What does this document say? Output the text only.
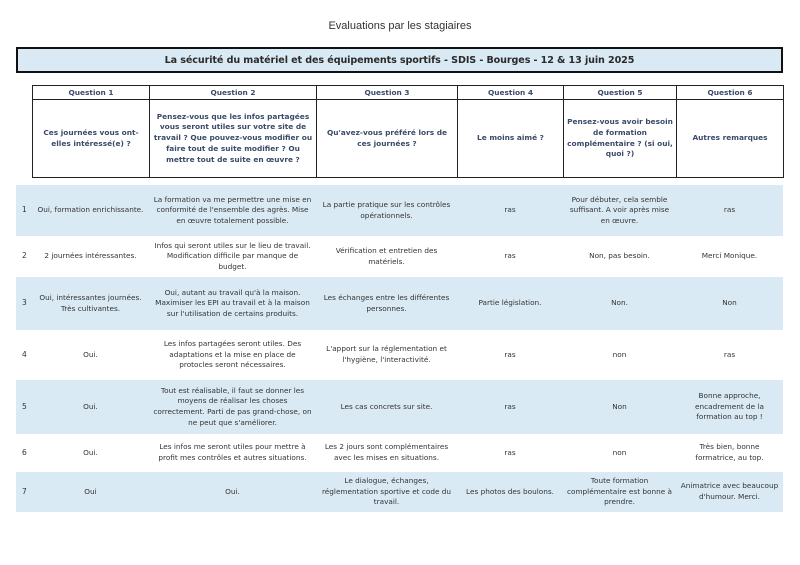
Evaluations par les stagiaires
La sécurité du matériel et des équipements sportifs - SDIS - Bourges - 12 & 13 juin 2025
Question 1	Question 2	Question 3	Question 4	Question 5	Question 6
Ces journées vous ont-elles intéressé(e) ?	Pensez-vous que les infos partagées vous seront utiles sur votre site de travail ? Que pouvez-vous modifier ou faire tout de suite modifier ? Ou mettre tout de suite en œuvre ?	Qu'avez-vous préféré lors de ces journées ?	Le moins aimé ?	Pensez-vous avoir besoin de formation complémentaire ? (si oui, quoi ?)	Autres remarques
1	Oui, formation enrichissante.	La formation va me permettre une mise en conformité de l'ensemble des agrès. Mise en œuvre totalement possible.	La partie pratique sur les contrôles opérationnels.	ras	Pour débuter, cela semble suffisant. A voir après mise en œuvre.	ras
2	2 journées intéressantes.	Infos qui seront utiles sur le lieu de travail. Modification difficile par manque de budget.	Vérification et entretien des matériels.	ras	Non, pas besoin.	Merci Monique.
3	Oui, intéressantes journées. Très cultivantes.	Oui, autant au travail qu'à la maison. Maximiser les EPI au travail et à la maison sur l'utilisation de certains produits.	Les échanges entre les différentes personnes.	Partie législation.	Non.	Non
4	Oui.	Les infos partagées seront utiles. Des adaptations et la mise en place de protocles seront nécessaires.	L'apport sur la réglementation et l'hygiène, l'interactivité.	ras	non	ras
5	Oui.	Tout est réalisable, il faut se donner les moyens de réalisar les choses correctement. Parti de pas grand-chose, on ne peut que s'améliorer.	Les cas concrets sur site.	ras	Non	Bonne approche, encadrement de la formation au top !
6	Oui.	Les infos me seront utiles pour mettre à profit mes contrôles et autres situations.	Les 2 jours sont complémentaires avec les mises en situations.	ras	non	Très bien, bonne formatrice, au top.
7	Oui	Oui.	Le dialogue, échanges, réglementation sportive et code du travail.	Les photos des boulons.	Toute formation complémentaire est bonne à prendre.	Animatrice avec beaucoup d'humour. Merci.
